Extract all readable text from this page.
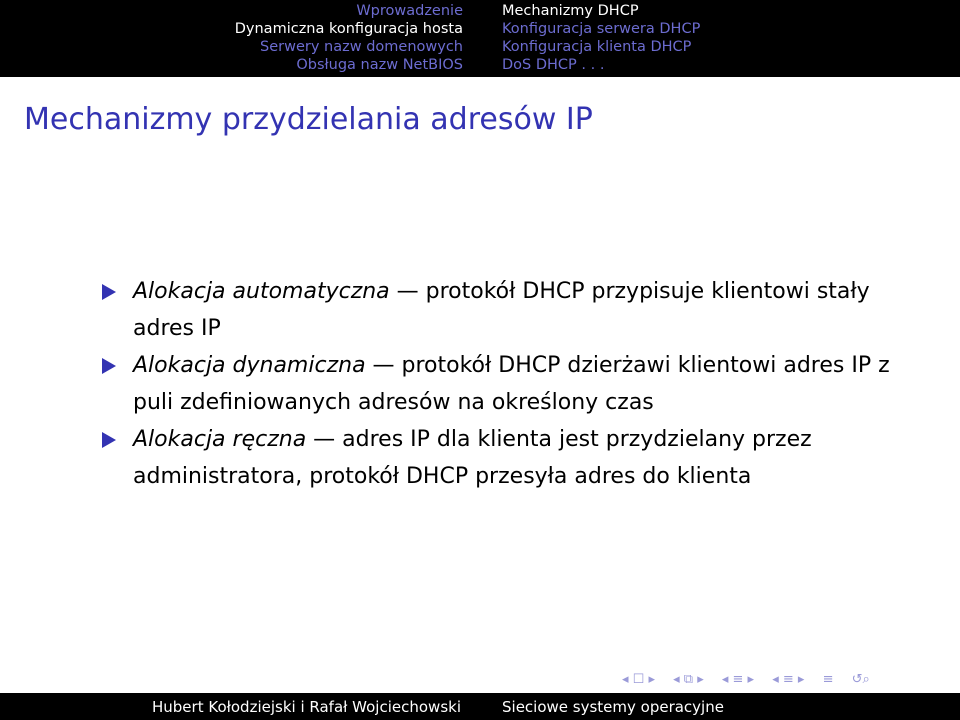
Wprowadzenie
Dynamiczna konfiguracja hosta
Serwery nazw domenowych
Obsługa nazw NetBIOS
Mechanizmy DHCP
Konfiguracja serwera DHCP
Konfiguracja klienta DHCP
DoS DHCP . . .
Mechanizmy przydzielania adresów IP
Alokacja automatyczna — protokół DHCP przypisuje klientowi stały adres IP
Alokacja dynamiczna — protokół DHCP dzierżawi klientowi adres IP z puli zdefiniowanych adresów na określony czas
Alokacja ręczna — adres IP dla klienta jest przydzielany przez administratora, protokół DHCP przesyła adres do klienta
◂ ☐ ▸ ◂ ⧉ ▸ ◂ ≡ ▸ ◂ ≡ ▸ ≡ ↺⌕
Hubert Kołodziejski i Rafał Wojciechowski	Sieciowe systemy operacyjne
